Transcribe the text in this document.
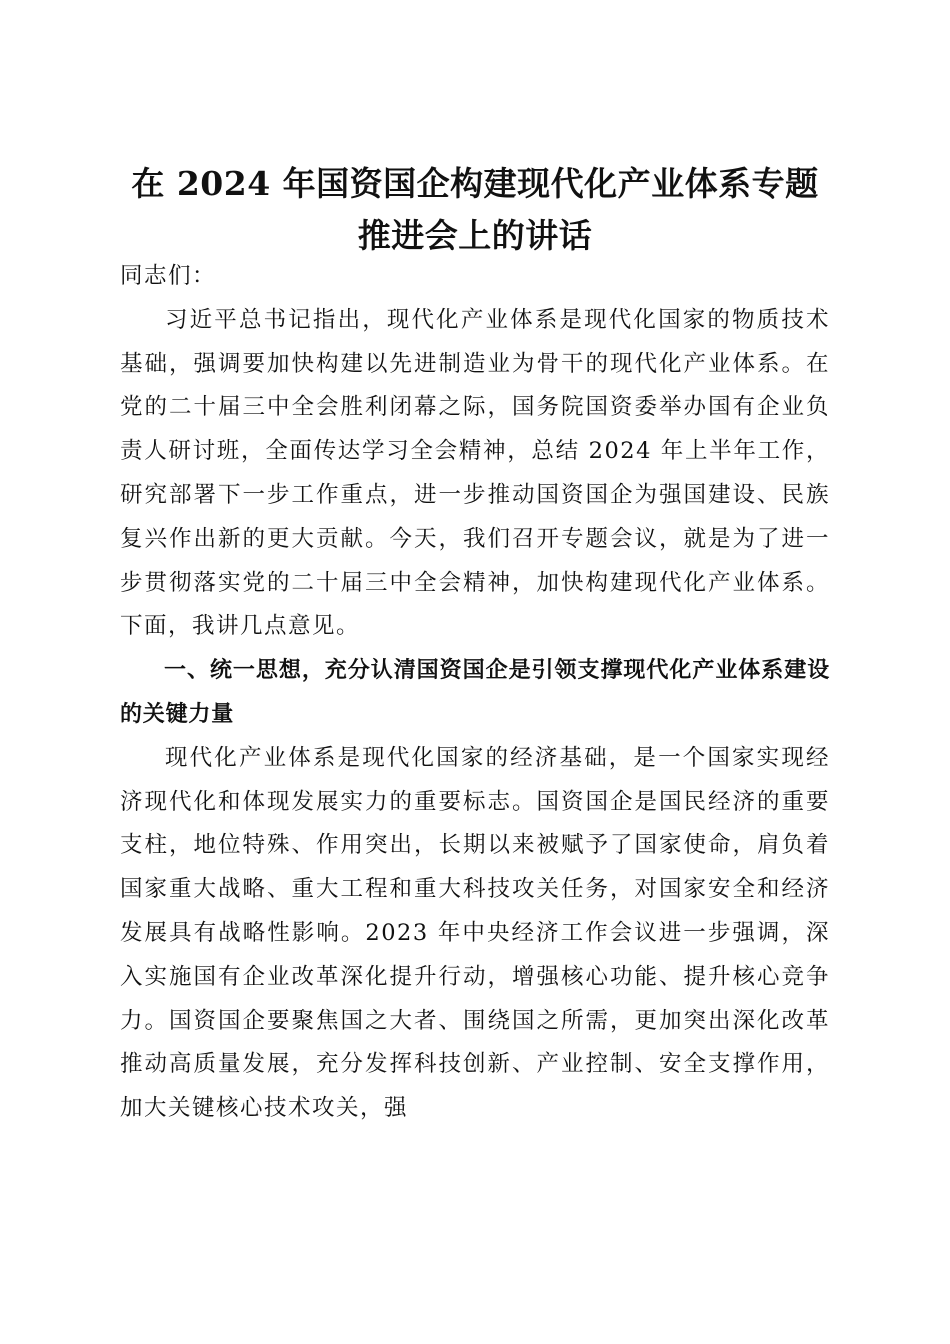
在 2024 年国资国企构建现代化产业体系专题
推进会上的讲话

同志们：

习近平总书记指出，现代化产业体系是现代化国家的物质技术基础，强调要加快构建以先进制造业为骨干的现代化产业体系。在党的二十届三中全会胜利闭幕之际，国务院国资委举办国有企业负责人研讨班，全面传达学习全会精神，总结 2024 年上半年工作，研究部署下一步工作重点，进一步推动国资国企为强国建设、民族复兴作出新的更大贡献。今天，我们召开专题会议，就是为了进一步贯彻落实党的二十届三中全会精神，加快构建现代化产业体系。下面，我讲几点意见。

一、统一思想，充分认清国资国企是引领支撑现代化产业体系建设的关键力量

现代化产业体系是现代化国家的经济基础，是一个国家实现经济现代化和体现发展实力的重要标志。国资国企是国民经济的重要支柱，地位特殊、作用突出，长期以来被赋予了国家使命，肩负着国家重大战略、重大工程和重大科技攻关任务，对国家安全和经济发展具有战略性影响。2023 年中央经济工作会议进一步强调，深入实施国有企业改革深化提升行动，增强核心功能、提升核心竞争力。国资国企要聚焦国之大者、围绕国之所需，更加突出深化改革推动高质量发展，充分发挥科技创新、产业控制、安全支撑作用，加大关键核心技术攻关，强
